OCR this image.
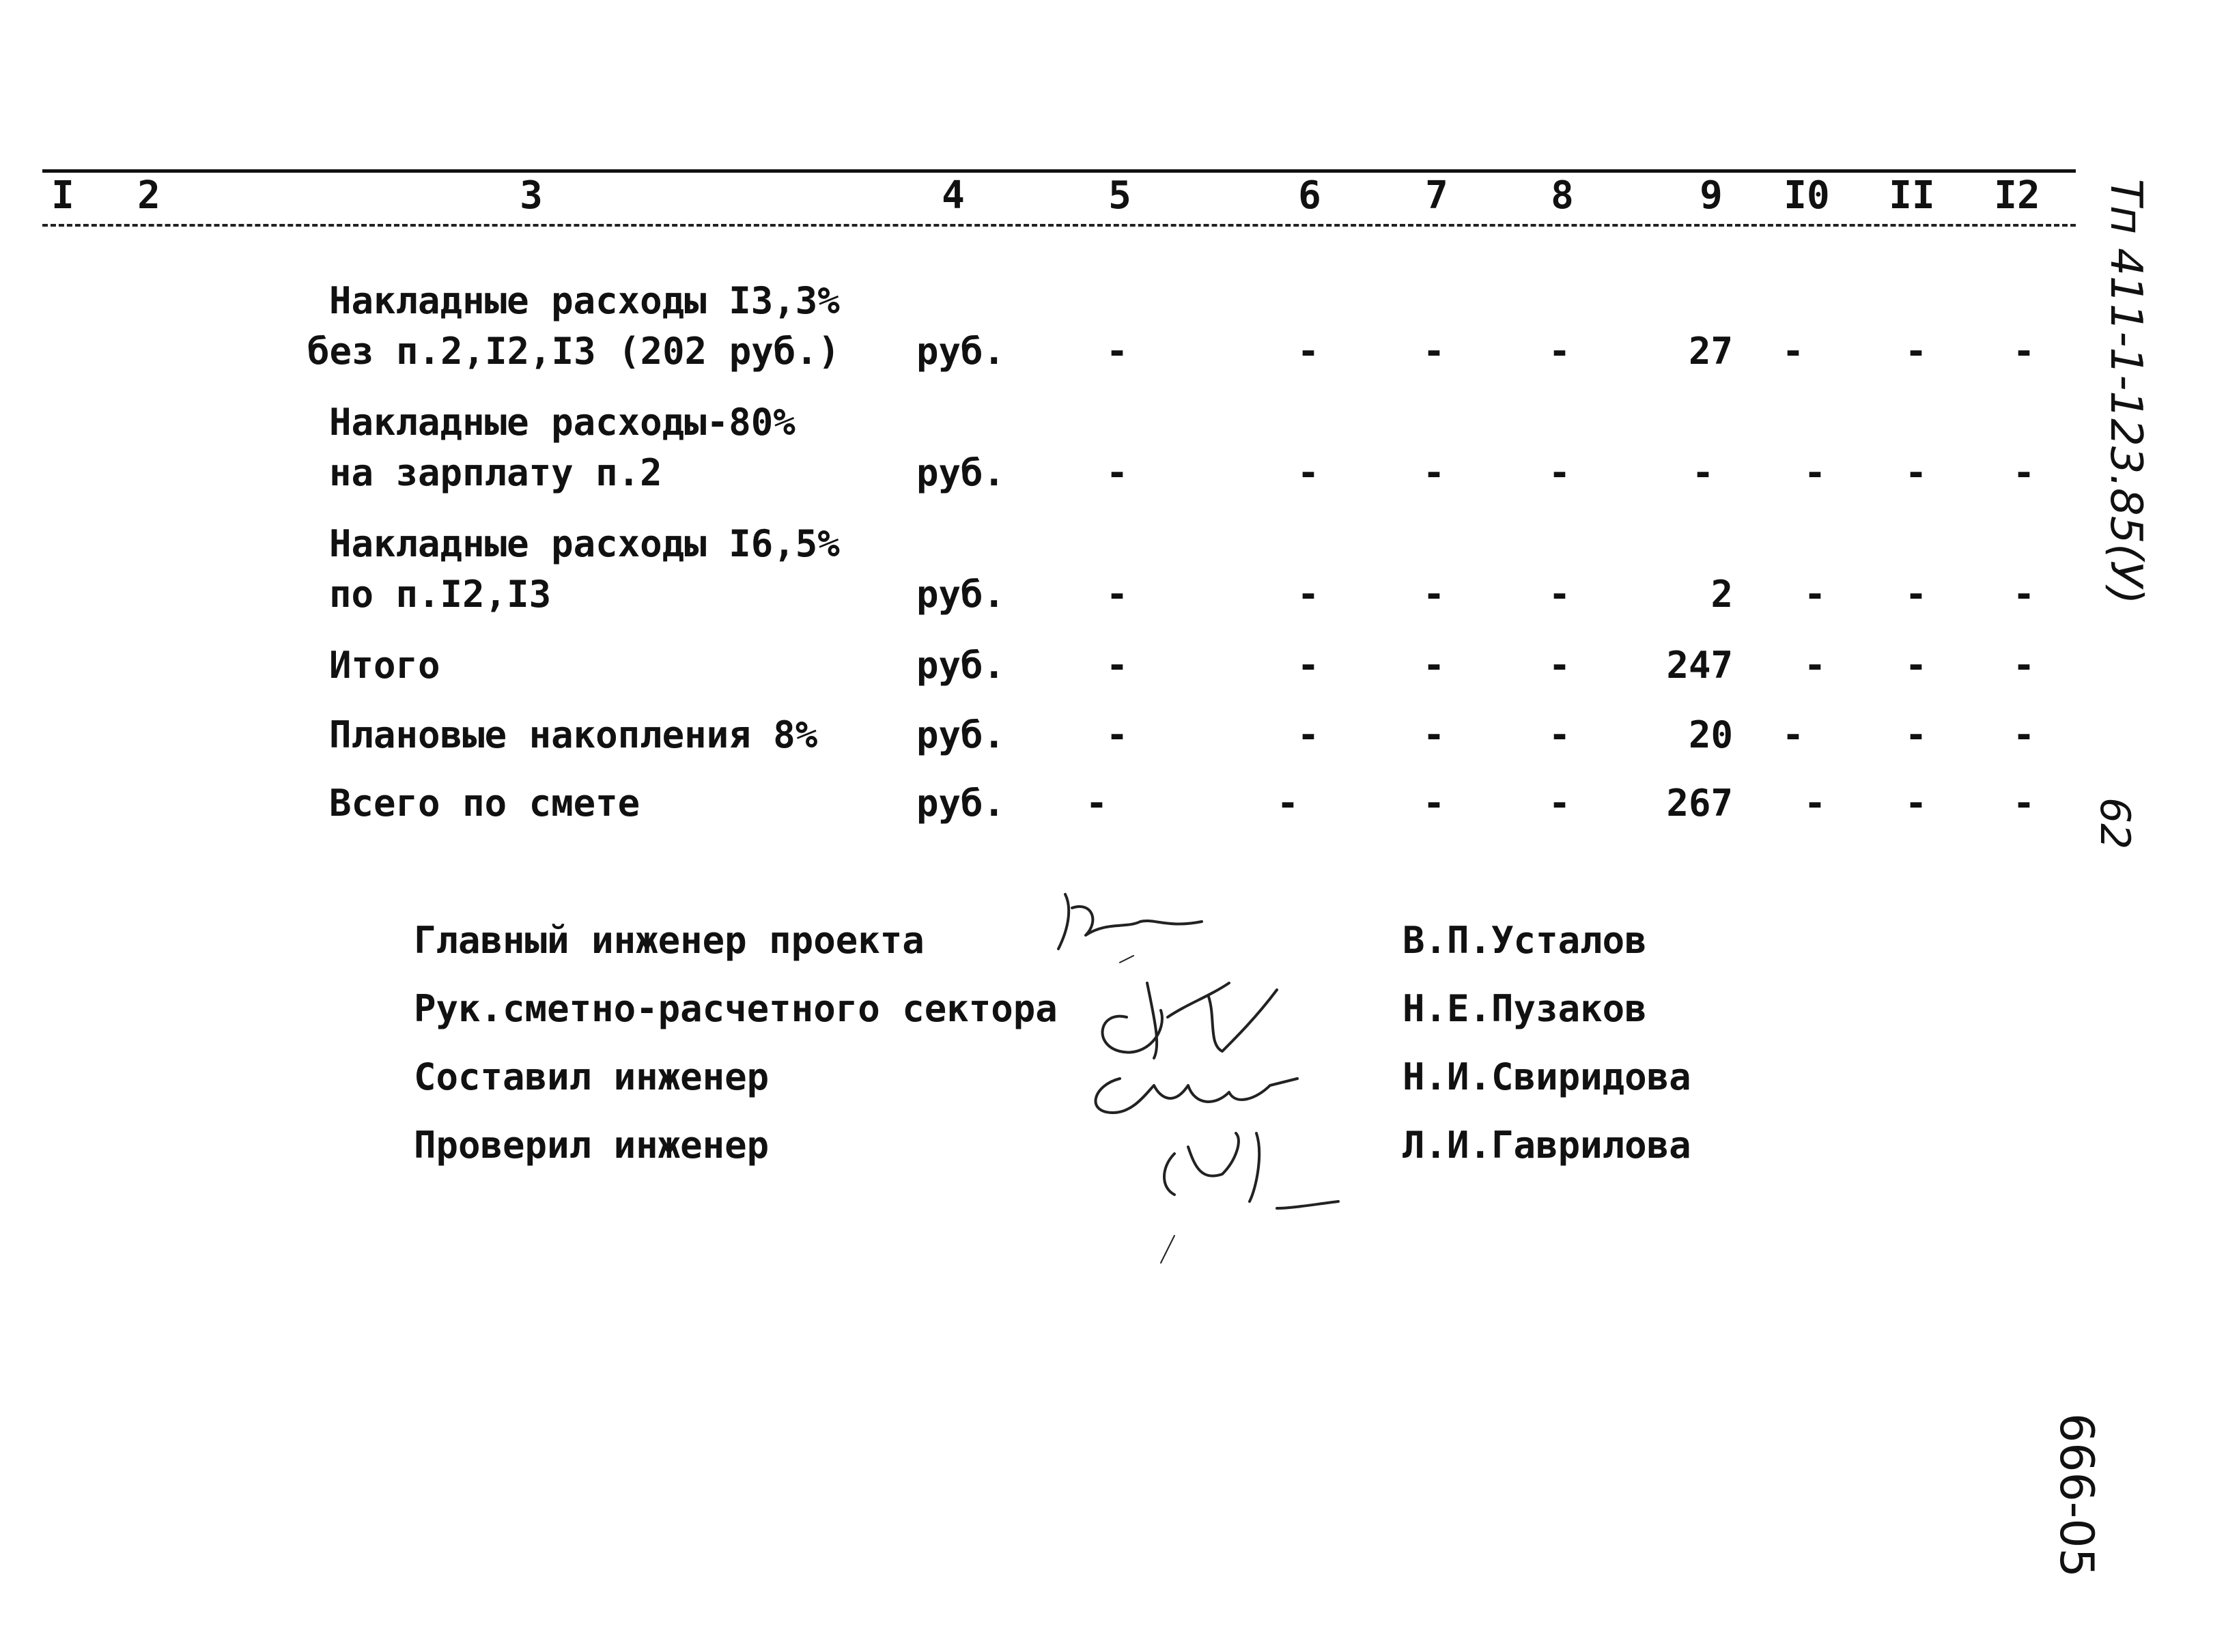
I	2	3	4	5	6	7	8	9	I0	II	I2
Накладные расходы I3,3%
без п.2,I2,I3 (202 руб.) руб.	-	-	-	-	27	-	-	-
Накладные расходы-80%
на зарплату п.2	руб.	-	-	-	-	-	-	-	-
Накладные расходы I6,5%
по п.I2,I3	руб.	-	-	-	-	2	-	-	-
Итого	руб.	-	-	-	-	247	-	-	-
Плановые накопления 8%	руб.	-	-	-	-	20	-	-	-
Всего по смете	руб.	-	-	-	-	267	-	-	-
Главный инженер проекта	В.П.Усталов
Рук.сметно-расчетного сектора	Н.Е.Пузаков
Составил инженер	Н.И.Свиридова
Проверил инженер	Л.И.Гаврилова
Тп 411-1-123.85(У)
62
666-05
